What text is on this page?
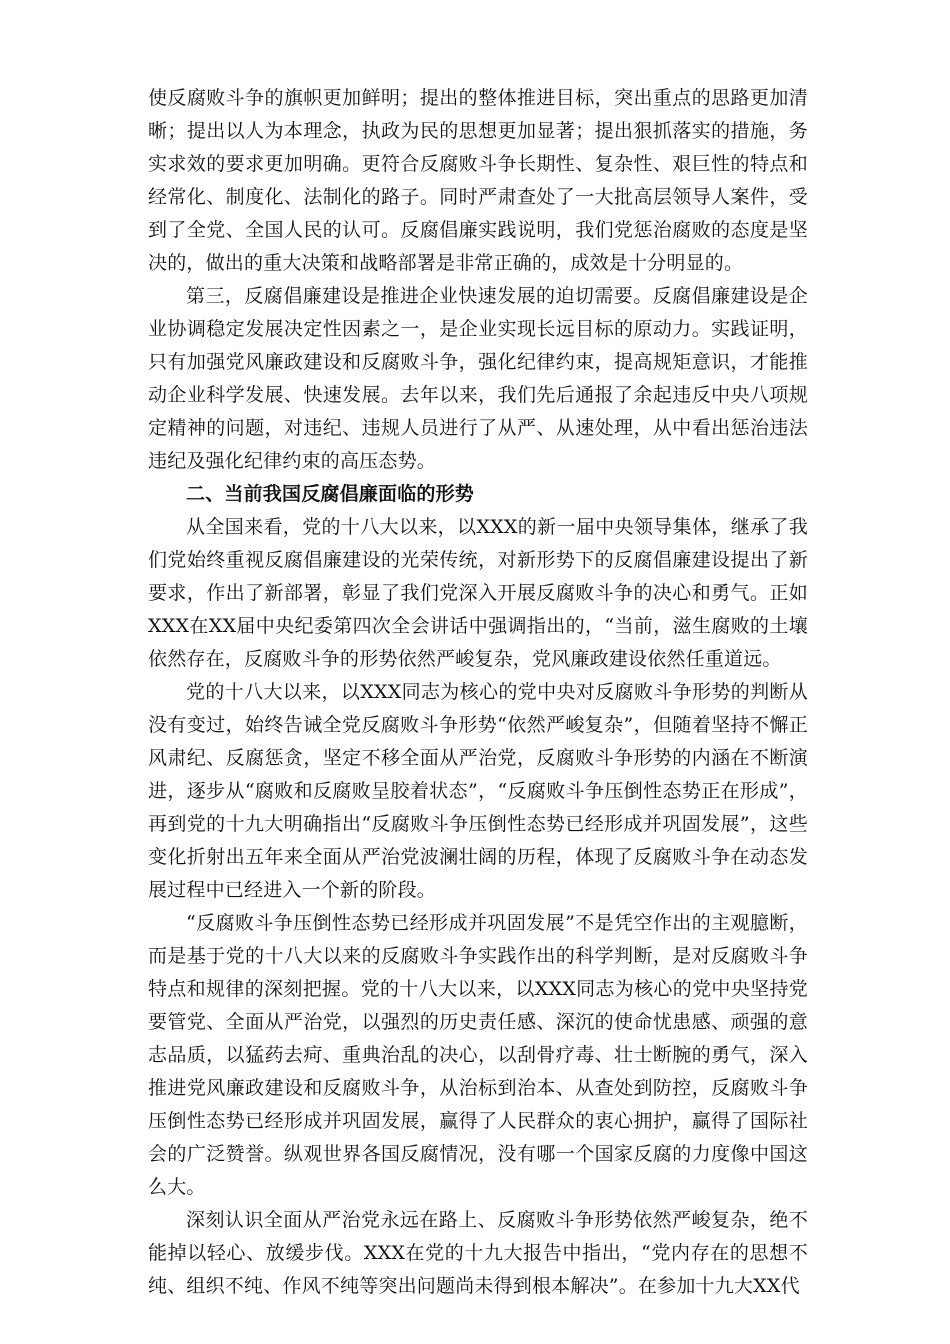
使反腐败斗争的旗帜更加鲜明；提出的整体推进目标，突出重点的思路更加清晰；提出以人为本理念，执政为民的思想更加显著；提出狠抓落实的措施，务实求效的要求更加明确。更符合反腐败斗争长期性、复杂性、艰巨性的特点和经常化、制度化、法制化的路子。同时严肃查处了一大批高层领导人案件，受到了全党、全国人民的认可。反腐倡廉实践说明，我们党惩治腐败的态度是坚决的，做出的重大决策和战略部署是非常正确的，成效是十分明显的。

第三，反腐倡廉建设是推进企业快速发展的迫切需要。反腐倡廉建设是企业协调稳定发展决定性因素之一，是企业实现长远目标的原动力。实践证明，只有加强党风廉政建设和反腐败斗争，强化纪律约束，提高规矩意识，才能推动企业科学发展、快速发展。去年以来，我们先后通报了余起违反中央八项规定精神的问题，对违纪、违规人员进行了从严、从速处理，从中看出惩治违法违纪及强化纪律约束的高压态势。

二、当前我国反腐倡廉面临的形势

从全国来看，党的十八大以来，以XXX的新一届中央领导集体，继承了我们党始终重视反腐倡廉建设的光荣传统，对新形势下的反腐倡廉建设提出了新要求，作出了新部署，彰显了我们党深入开展反腐败斗争的决心和勇气。正如XXX在XX届中央纪委第四次全会讲话中强调指出的，“当前，滋生腐败的土壤依然存在，反腐败斗争的形势依然严峻复杂，党风廉政建设依然任重道远。

党的十八大以来，以XXX同志为核心的党中央对反腐败斗争形势的判断从没有变过，始终告诫全党反腐败斗争形势“依然严峻复杂”，但随着坚持不懈正风肃纪、反腐惩贪，坚定不移全面从严治党，反腐败斗争形势的内涵在不断演进，逐步从“腐败和反腐败呈胶着状态”，“反腐败斗争压倒性态势正在形成”，再到党的十九大明确指出“反腐败斗争压倒性态势已经形成并巩固发展”，这些变化折射出五年来全面从严治党波澜壮阔的历程，体现了反腐败斗争在动态发展过程中已经进入一个新的阶段。

“反腐败斗争压倒性态势已经形成并巩固发展”不是凭空作出的主观臆断，而是基于党的十八大以来的反腐败斗争实践作出的科学判断，是对反腐败斗争特点和规律的深刻把握。党的十八大以来，以XXX同志为核心的党中央坚持党要管党、全面从严治党，以强烈的历史责任感、深沉的使命忧患感、顽强的意志品质，以猛药去疴、重典治乱的决心，以刮骨疗毒、壮士断腕的勇气，深入推进党风廉政建设和反腐败斗争，从治标到治本、从查处到防控，反腐败斗争压倒性态势已经形成并巩固发展，赢得了人民群众的衷心拥护，赢得了国际社会的广泛赞誉。纵观世界各国反腐情况，没有哪一个国家反腐的力度像中国这么大。

深刻认识全面从严治党永远在路上、反腐败斗争形势依然严峻复杂，绝不能掉以轻心、放缓步伐。XXX在党的十九大报告中指出，“党内存在的思想不纯、组织不纯、作风不纯等突出问题尚未得到根本解决”。在参加十九大XX代
